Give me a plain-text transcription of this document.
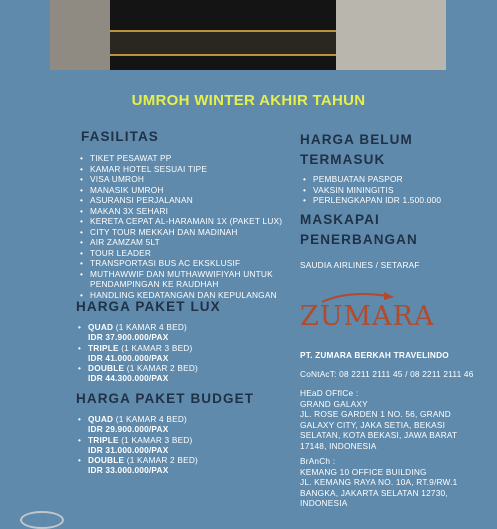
UMROH WINTER AKHIR TAHUN
FASILITAS
• TIKET PESAWAT PP
• KAMAR HOTEL SESUAI TIPE
• VISA UMROH
• MANASIK UMROH
• ASURANSI PERJALANAN
• MAKAN 3X SEHARI
• KERETA CEPAT AL-HARAMAIN 1X (PAKET LUX)
• CITY TOUR MEKKAH DAN MADINAH
• AIR ZAMZAM 5LT
• TOUR LEADER
• TRANSPORTASI BUS AC EKSKLUSIF
• MUTHAWWIF DAN MUTHAWWIFIYAH UNTUK PENDAMPINGAN KE RAUDHAH
• HANDLING KEDATANGAN DAN KEPULANGAN
HARGA PAKET LUX
• QUAD (1 KAMAR 4 BED)
IDR 37.900.000/PAX
• TRIPLE (1 KAMAR 3 BED)
IDR 41.000.000/PAX
• DOUBLE (1 KAMAR 2 BED)
IDR 44.300.000/PAX
HARGA PAKET BUDGET
• QUAD (1 KAMAR 4 BED)
IDR 29.900.000/PAX
• TRIPLE (1 KAMAR 3 BED)
IDR 31.000.000/PAX
• DOUBLE (1 KAMAR 2 BED)
IDR 33.000.000/PAX
HARGA BELUM
TERMASUK
• PEMBUATAN PASPOR
• VAKSIN MININGITIS
• PERLENGKAPAN IDR 1.500.000
MASKAPAI
PENERBANGAN
SAUDIA AIRLINES / SETARAF
ZUMARA
PT. ZUMARA BERKAH TRAVELINDO
CoNtAcT: 08 2211 2111 45 / 08 2211 2111 46
HEaD OFfICe :
GRAND GALAXY
JL. ROSE GARDEN 1 NO. 56, GRAND
GALAXY CITY, JAKA SETIA, BEKASI
SELATAN, KOTA BEKASI, JAWA BARAT
17148, INDONESIA
BrAnCh :
KEMANG 10 OFFICE BUILDING
JL. KEMANG RAYA NO. 10A, RT.9/RW.1
BANGKA, JAKARTA SELATAN 12730,
INDONESIA
